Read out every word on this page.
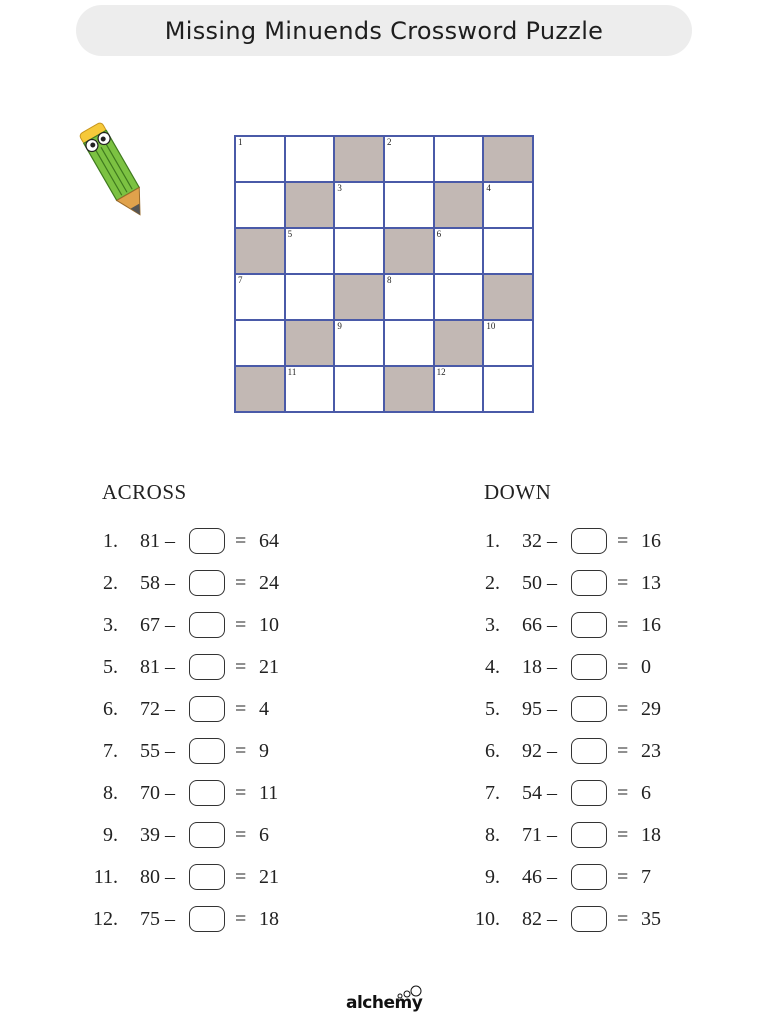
Missing Minuends Crossword Puzzle
1	2
3	4
5	6
7	8
9	10
11	12
ACROSS	DOWN
1. 81 –	= 64
2. 58 –	= 24
3. 67 –	= 10
5. 81 –	= 21
6. 72 –	= 4
7. 55 –	= 9
8. 70 –	= 11
9. 39 –	= 6
11. 80 –	= 21
12. 75 –	= 18
1. 32 –	= 16
2. 50 –	= 13
3. 66 –	= 16
4. 18 –	= 0
5. 95 –	= 29
6. 92 –	= 23
7. 54 –	= 6
8. 71 –	= 18
9. 46 –	= 7
10. 82 –	= 35
alchemy
